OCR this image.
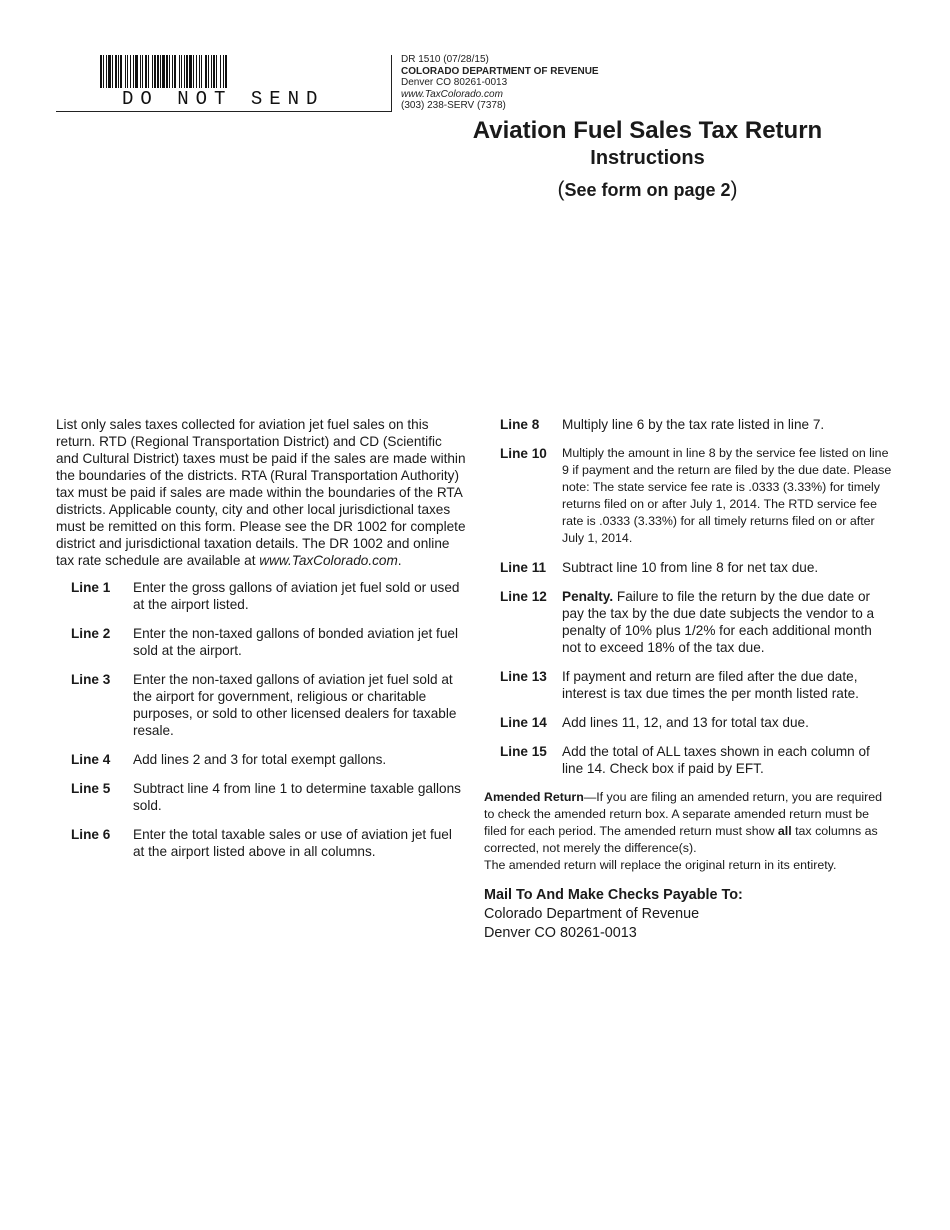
DO NOT SEND
DR 1510 (07/28/15)
COLORADO DEPARTMENT OF REVENUE
Denver CO 80261-0013
www.TaxColorado.com
(303) 238-SERV (7378)
Aviation Fuel Sales Tax Return
Instructions
(See form on page 2)

List only sales taxes collected for aviation jet fuel sales on this return. RTD (Regional Transportation District) and CD (Scientific and Cultural District) taxes must be paid if the sales are made within the boundaries of the districts. RTA (Rural Transportation Authority) tax must be paid if sales are made within the boundaries of the RTA districts. Applicable county, city and other local jurisdictional taxes must be remitted on this form. Please see the DR 1002 for complete district and jurisdictional taxation details. The DR 1002 and online tax rate schedule are available at www.TaxColorado.com.

Line 1	Enter the gross gallons of aviation jet fuel sold or used at the airport listed.
Line 2	Enter the non-taxed gallons of bonded aviation jet fuel sold at the airport.
Line 3	Enter the non-taxed gallons of aviation jet fuel sold at the airport for government, religious or charitable purposes, or sold to other licensed dealers for taxable resale.
Line 4	Add lines 2 and 3 for total exempt gallons.
Line 5	Subtract line 4 from line 1 to determine taxable gallons sold.
Line 6	Enter the total taxable sales or use of aviation jet fuel at the airport listed above in all columns.
Line 8	Multiply line 6 by the tax rate listed in line 7.
Line 10	Multiply the amount in line 8 by the service fee listed on line 9 if payment and the return are filed by the due date. Please note: The state service fee rate is .0333 (3.33%) for timely returns filed on or after July 1, 2014. The RTD service fee rate is .0333 (3.33%) for all timely returns filed on or after July 1, 2014.
Line 11	Subtract line 10 from line 8 for net tax due.
Line 12	Penalty. Failure to file the return by the due date or pay the tax by the due date subjects the vendor to a penalty of 10% plus 1/2% for each additional month not to exceed 18% of the tax due.
Line 13	If payment and return are filed after the due date, interest is tax due times the per month listed rate.
Line 14	Add lines 11, 12, and 13 for total tax due.
Line 15	Add the total of ALL taxes shown in each column of line 14. Check box if paid by EFT.
Amended Return—If you are filing an amended return, you are required to check the amended return box. A separate amended return must be filed for each period. The amended return must show all tax columns as corrected, not merely the difference(s).
The amended return will replace the original return in its entirety.
Mail To And Make Checks Payable To:
Colorado Department of Revenue
Denver CO 80261-0013
